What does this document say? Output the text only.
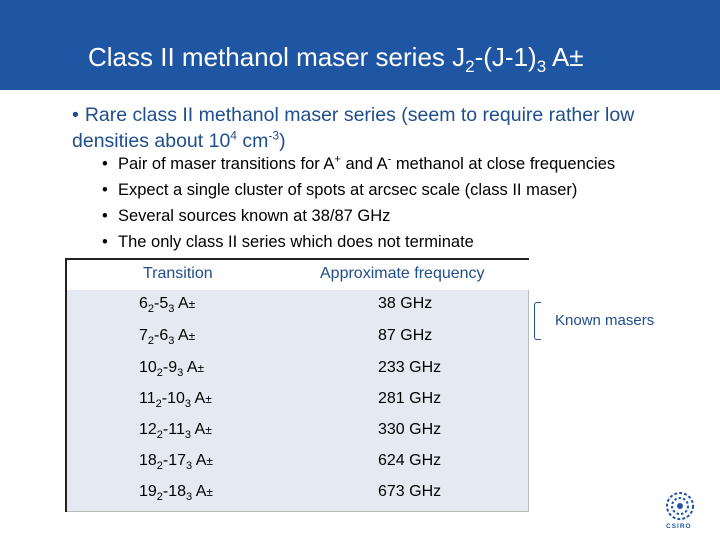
Class II methanol maser series $J_2-(J-1)_3$ A±
• Rare class II methanol maser series (seem to require rather low densities about $10^4$ $cm^{-3}$)
• Pair of maser transitions for A+ and A- methanol at close frequencies
• Expect a single cluster of spots at arcsec scale (class II maser)
• Several sources known at 38/87 GHz
• The only class II series which does not terminate
Transition	Approximate frequency
$6_2-5_3$ A±	38 GHz
$7_2-6_3$ A±	87 GHz
$10_2-9_3$ A±	233 GHz
$11_2-10_3$ A±	281 GHz
$12_2-11_3$ A±	330 GHz
$18_2-17_3$ A±	624 GHz
$19_2-18_3$ A±	673 GHz
Known masers
CSIRO
